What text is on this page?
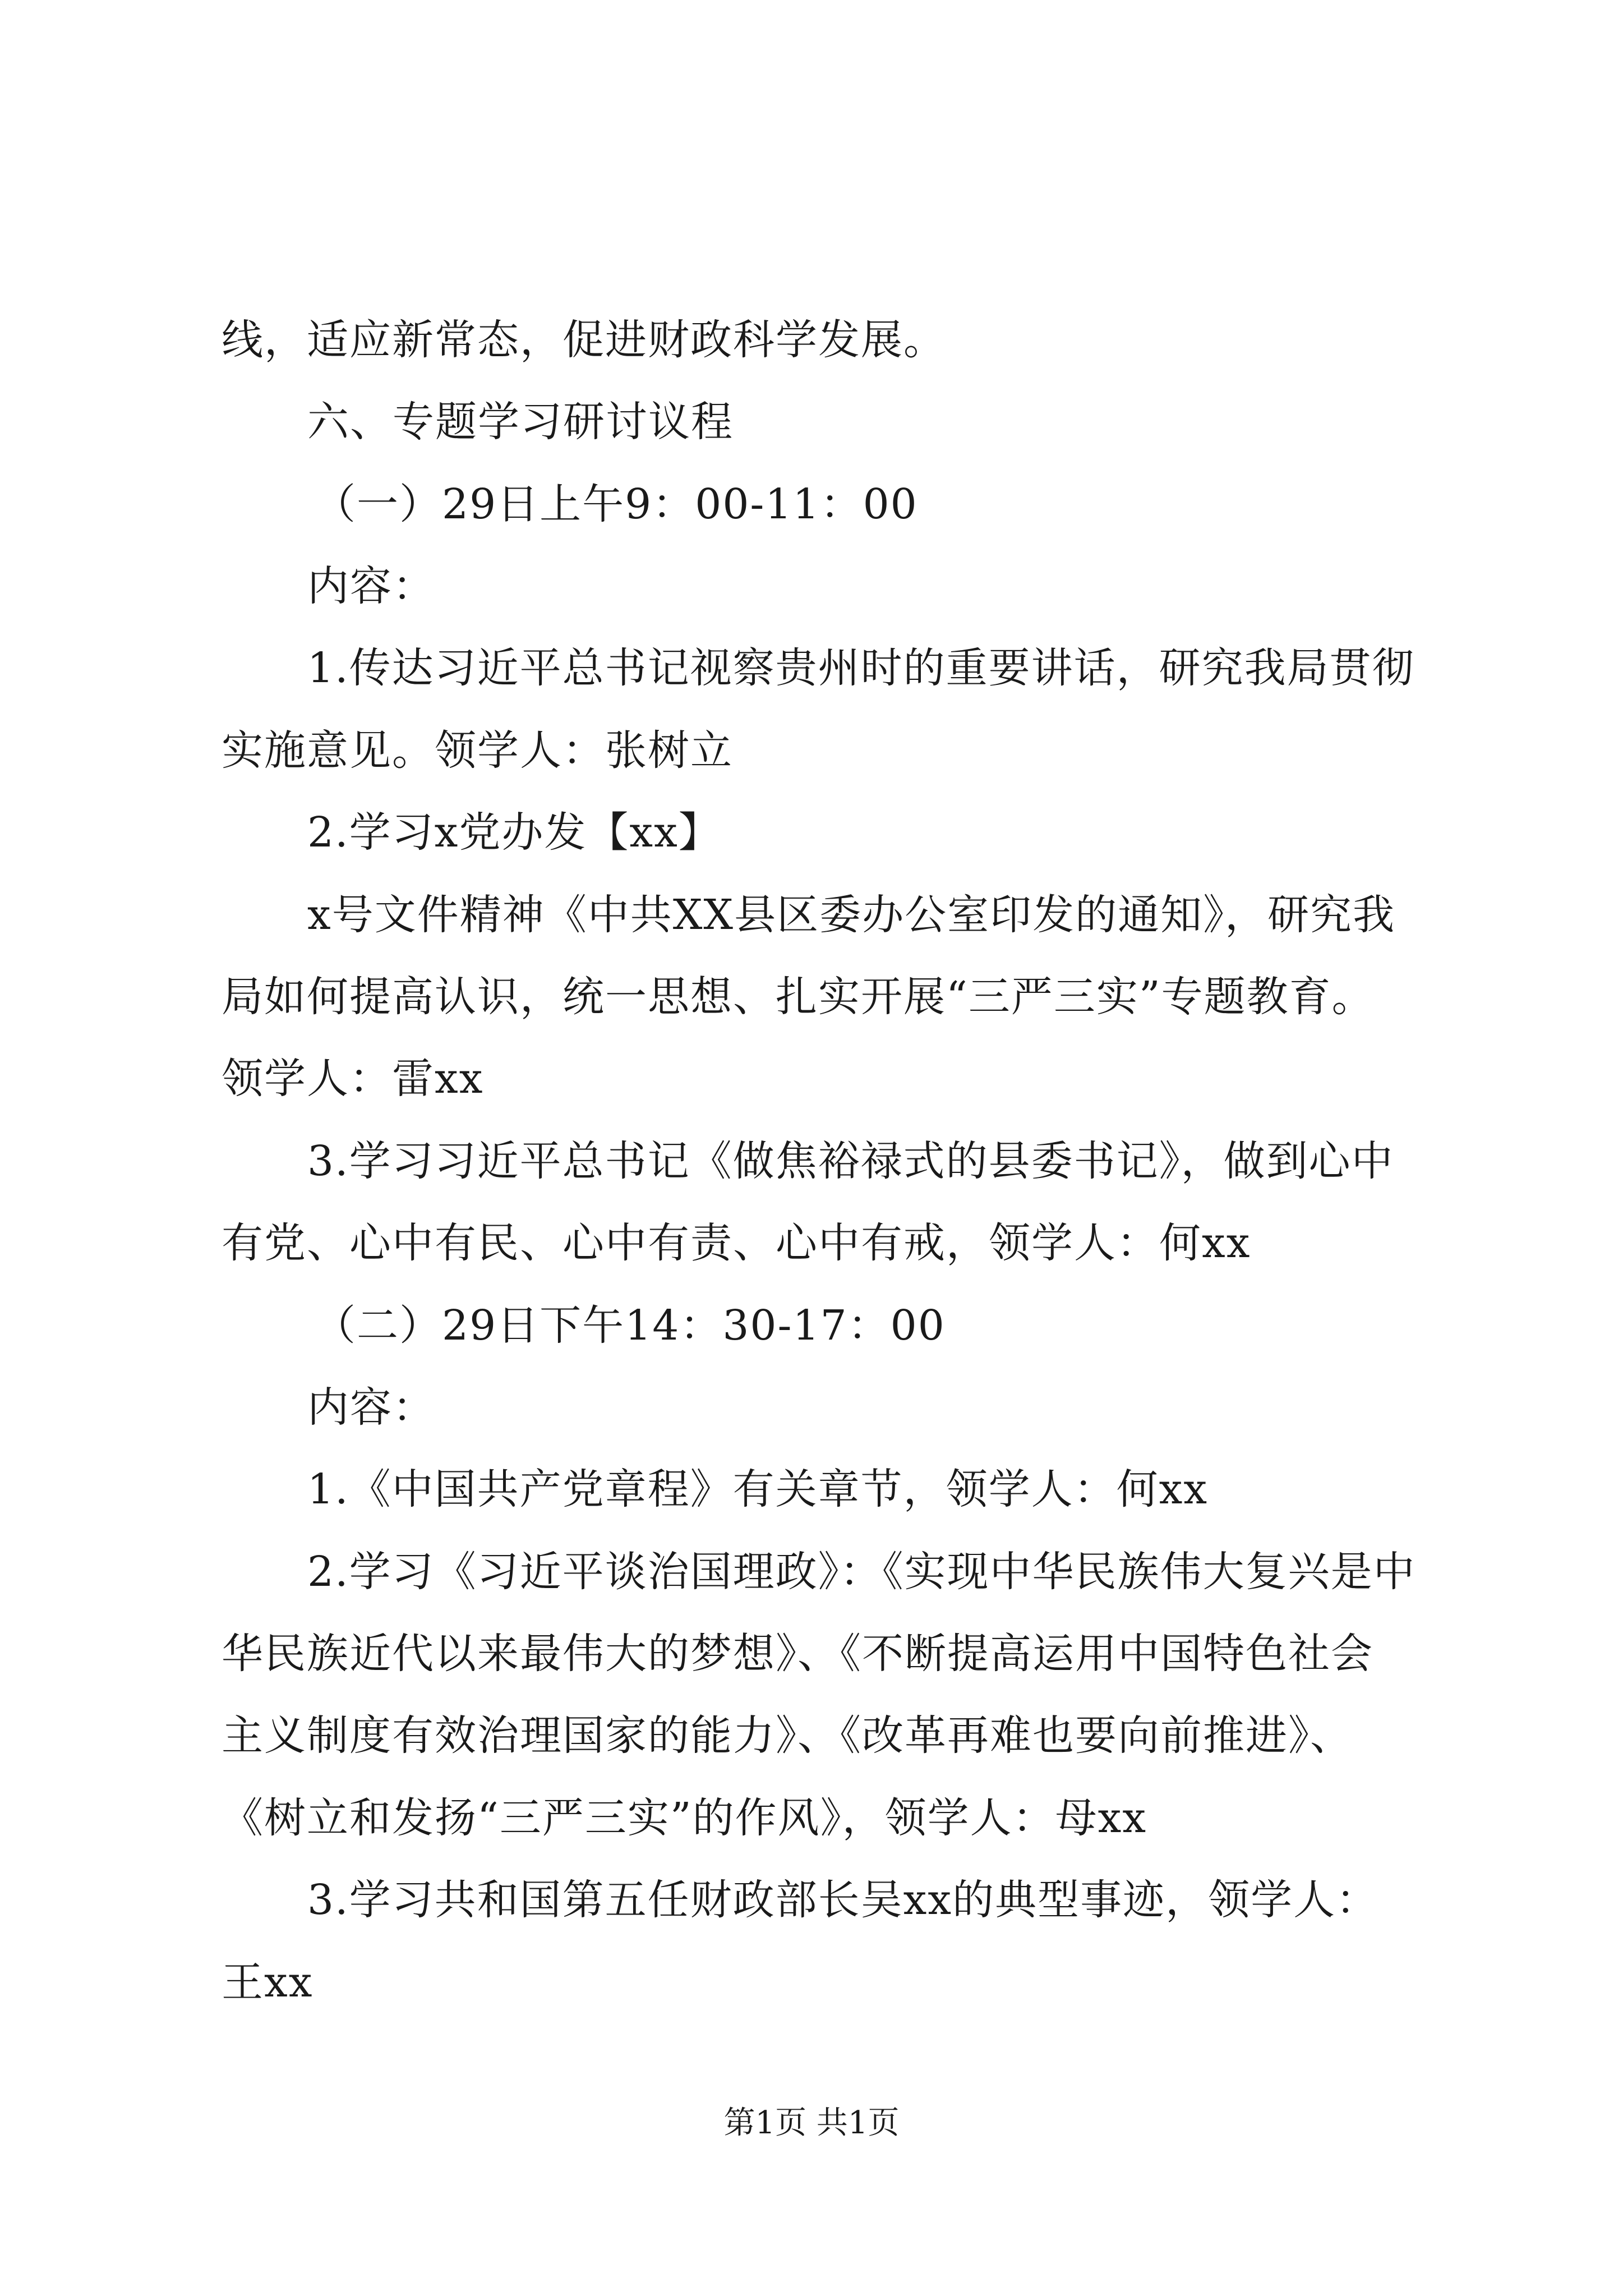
线，适应新常态，促进财政科学发展。
六、专题学习研讨议程
（一）29日上午9：00-11：00
内容：
1.传达习近平总书记视察贵州时的重要讲话，研究我局贯彻
实施意见。领学人：张树立
2.学习x党办发【xx】
x号文件精神《中共XX县区委办公室印发的通知》，研究我
局如何提高认识，统一思想、扎实开展“三严三实”专题教育。
领学人：雷xx
3.学习习近平总书记《做焦裕禄式的县委书记》，做到心中
有党、心中有民、心中有责、心中有戒，领学人：何xx
（二）29日下午14：30-17：00
内容：
1.《中国共产党章程》有关章节，领学人：何xx
2.学习《习近平谈治国理政》：《实现中华民族伟大复兴是中
华民族近代以来最伟大的梦想》、《不断提高运用中国特色社会
主义制度有效治理国家的能力》、《改革再难也要向前推进》、
《树立和发扬“三严三实”的作风》，领学人：母xx
3.学习共和国第五任财政部长吴xx的典型事迹，领学人：
王xx
第1页 共1页
